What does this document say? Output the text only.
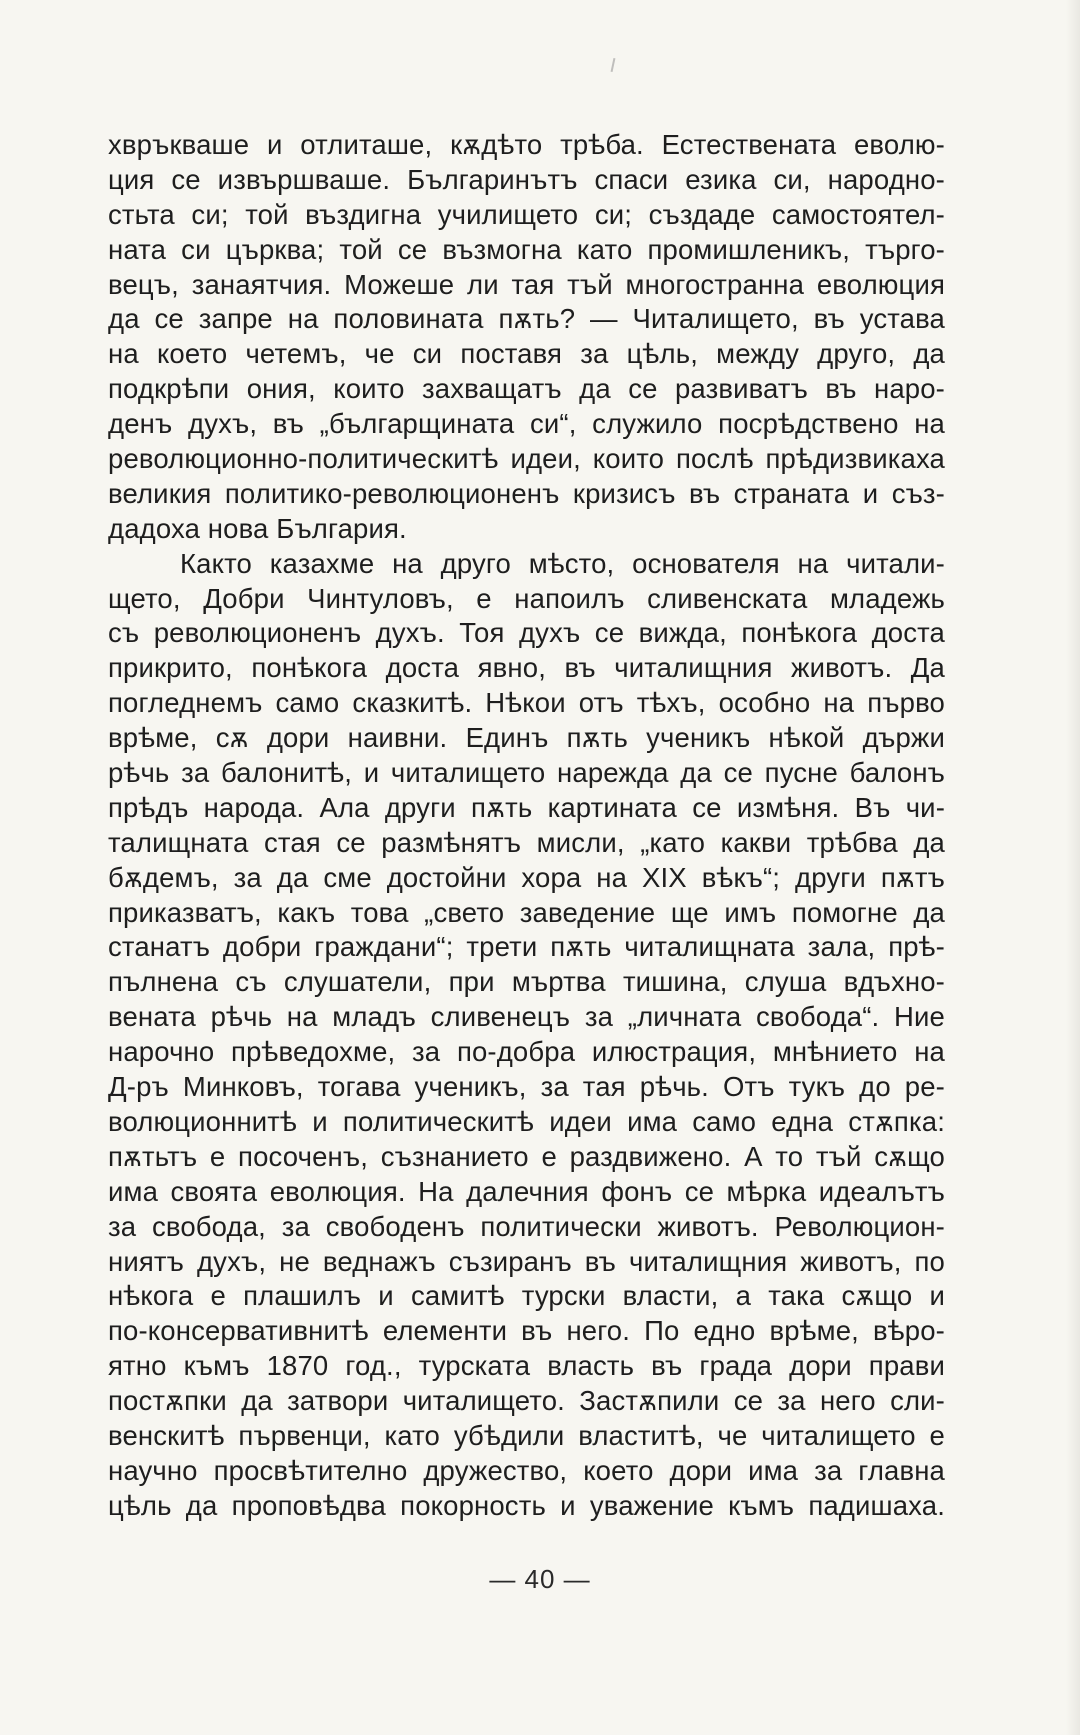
хвръкваше и отлиташе, кѫдѣто трѣба. Естествената еволю-
ция се извършваше. Българинътъ спаси езика си, народно-
стьта си; той въздигна училището си; създаде самостоятел-
ната си църква; той се възмогна като промишленикъ, търго-
вецъ, занаятчия. Можеше ли тая тъй многостранна еволюция
да се запре на половината пѫть? — Читалището, въ устава
на което четемъ, че си поставя за цѣль, между друго, да
подкрѣпи ония, които захващатъ да се развиватъ въ наро-
денъ духъ, въ „българщината си“, служило посрѣдствено на
революционно-политическитѣ идеи, които послѣ прѣдизвикаха
великия политико-революционенъ кризисъ въ страната и съз-
дадоха нова България.
Както казахме на друго мѣсто, основателя на читали-
щето, Добри Чинтуловъ, е напоилъ сливенската младежь
съ революционенъ духъ. Тоя духъ се вижда, понѣкога доста
прикрито, понѣкога доста явно, въ читалищния животъ. Да
погледнемъ само сказкитѣ. Нѣкои отъ тѣхъ, особно на първо
врѣме, сѫ дори наивни. Единъ пѫть ученикъ нѣкой държи
рѣчь за балонитѣ, и читалището нарежда да се пусне балонъ
прѣдъ народа. Ала други пѫть картината се измѣня. Въ чи-
талищната стая се размѣнятъ мисли, „като какви трѣбва да
бѫдемъ, за да сме достойни хора на XIX вѣкъ“; други пѫтъ
приказватъ, какъ това „свето заведение ще имъ помогне да
станатъ добри граждани“; трети пѫть читалищната зала, прѣ-
пълнена съ слушатели, при мъртва тишина, слуша вдъхно-
вената рѣчь на младъ сливенецъ за „личната свобода“. Ние
нарочно прѣведохме, за по-добра илюстрация, мнѣнието на
Д-ръ Минковъ, тогава ученикъ, за тая рѣчь. Отъ тукъ до ре-
волюционнитѣ и политическитѣ идеи има само една стѫпка:
пѫтьтъ е посоченъ, съзнанието е раздвижено. А то тъй сѫщо
има своята еволюция. На далечния фонъ се мѣрка идеалътъ
за свобода, за свободенъ политически животъ. Революцион-
ниятъ духъ, не веднажъ съзиранъ въ читалищния животъ, по
нѣкога е плашилъ и самитѣ турски власти, а така сѫщо и
по-консервативнитѣ елементи въ него. По едно врѣме, вѣро-
ятно къмъ 1870 год., турската власть въ града дори прави
постѫпки да затвори читалището. Застѫпили се за него сли-
венскитѣ първенци, като убѣдили властитѣ, че читалището е
научно просвѣтително дружество, което дори има за главна
цѣль да проповѣдва покорность и уважение къмъ падишаха.
— 40 —
